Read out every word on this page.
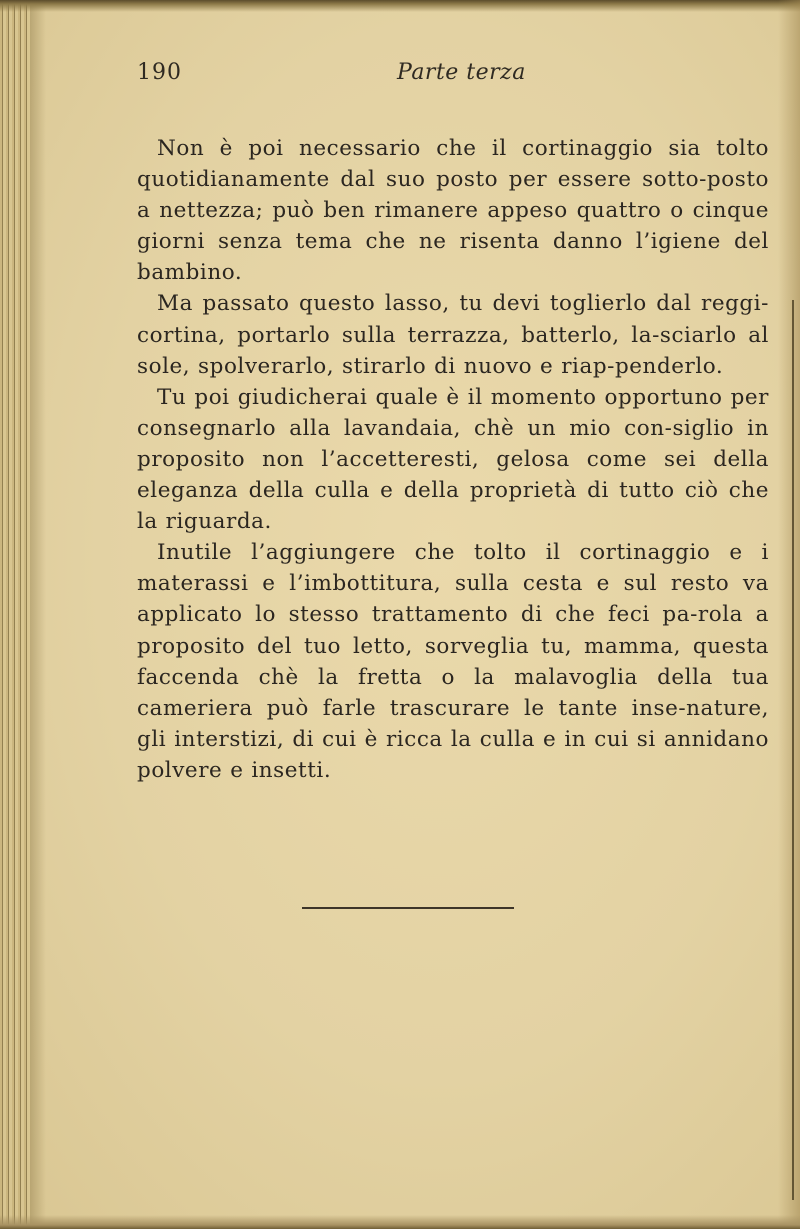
190	Parte terza

Non è poi necessario che il cortinaggio sia tolto quotidianamente dal suo posto per essere sotto-posto a nettezza; può ben rimanere appeso quattro o cinque giorni senza tema che ne risenta danno l’igiene del bambino.

Ma passato questo lasso, tu devi toglierlo dal reggi-cortina, portarlo sulla terrazza, batterlo, la-sciarlo al sole, spolverarlo, stirarlo di nuovo e riap-penderlo.

Tu poi giudicherai quale è il momento opportuno per consegnarlo alla lavandaia, chè un mio con-siglio in proposito non l’accetteresti, gelosa come sei della eleganza della culla e della proprietà di tutto ciò che la riguarda.

Inutile l’aggiungere che tolto il cortinaggio e i materassi e l’imbottitura, sulla cesta e sul resto va applicato lo stesso trattamento di che feci pa-rola a proposito del tuo letto, sorveglia tu, mamma, questa faccenda chè la fretta o la malavoglia della tua cameriera può farle trascurare le tante inse-nature, gli interstizi, di cui è ricca la culla e in cui si annidano polvere e insetti.
